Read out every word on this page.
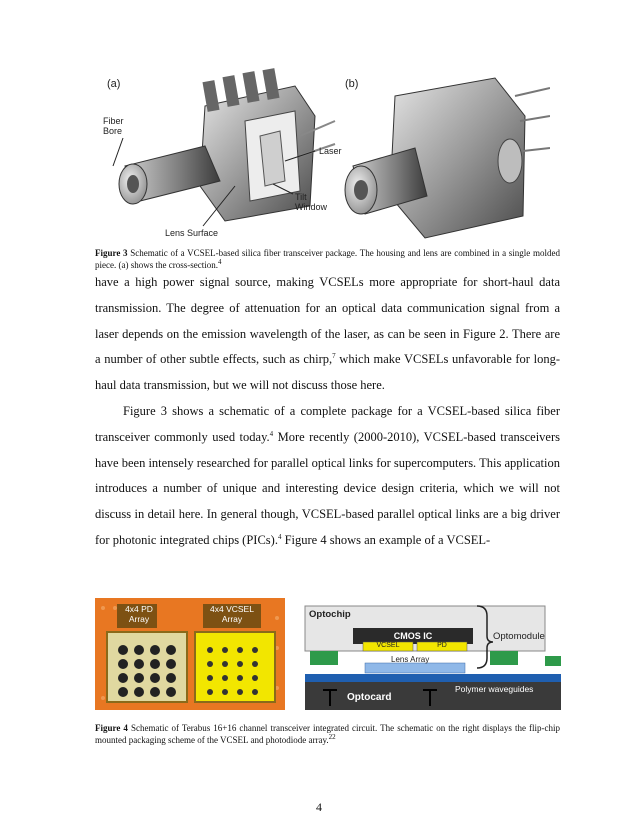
(a)	(b)
Fiber
Bore
Laser
Tilt
Window
Lens Surface
Figure 3 Schematic of a VCSEL-based silica fiber transceiver package. The housing and lens are combined in a single molded piece. (a) shows the cross-section.$^4$

have a high power signal source, making VCSELs more appropriate for short-haul data transmission. The degree of attenuation for an optical data communication signal from a laser depends on the emission wavelength of the laser, as can be seen in Figure 2. There are a number of other subtle effects, such as chirp,$^7$ which make VCSELs unfavorable for long-haul data transmission, but we will not discuss those here.

Figure 3 shows a schematic of a complete package for a VCSEL-based silica fiber transceiver commonly used today.$^4$ More recently (2000-2010), VCSEL-based transceivers have been intensely researched for parallel optical links for supercomputers. This application introduces a number of unique and interesting device design criteria, which we will not discuss in detail here. In general though, VCSEL-based parallel optical links are a big driver for photonic integrated chips (PICs).$^4$ Figure 4 shows an example of a VCSEL-

4x4 PD
Array
4x4 VCSEL
Array	Optochip
CMOS IC
VCSEL	PD
Optomodule
Lens Array
Optocard
Polymer waveguides
Figure 4 Schematic of Terabus 16+16 channel transceiver integrated circuit. The schematic on the right displays the flip-chip mounted packaging scheme of the VCSEL and photodiode array.$^{22}$
4
